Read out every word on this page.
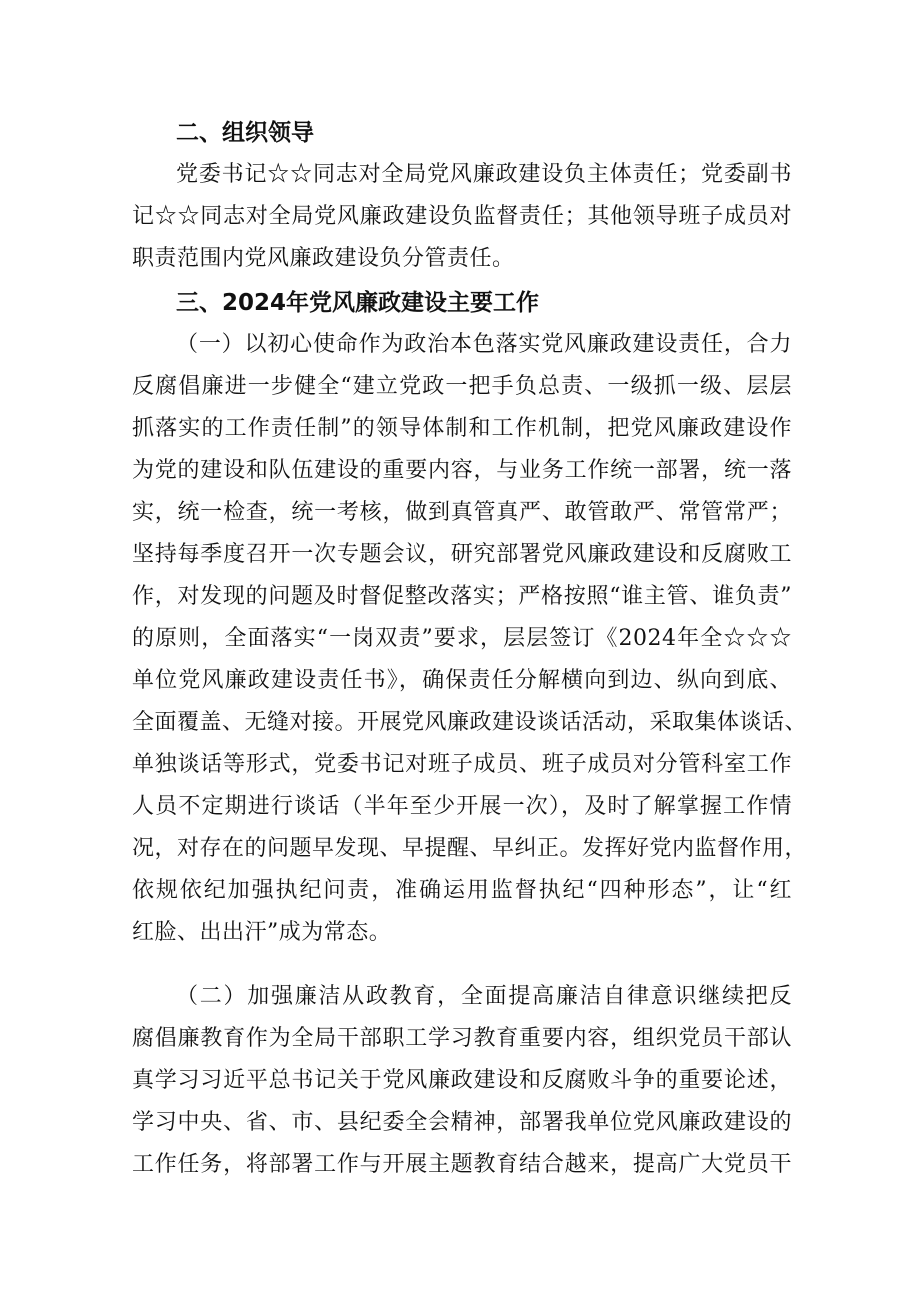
二、组织领导
党委书记☆☆同志对全局党风廉政建设负主体责任；党委副书
记☆☆同志对全局党风廉政建设负监督责任；其他领导班子成员对
职责范围内党风廉政建设负分管责任。
三、2024年党风廉政建设主要工作
（一）以初心使命作为政治本色落实党风廉政建设责任，合力
反腐倡廉进一步健全“建立党政一把手负总责、一级抓一级、层层
抓落实的工作责任制”的领导体制和工作机制，把党风廉政建设作
为党的建设和队伍建设的重要内容，与业务工作统一部署，统一落
实，统一检查，统一考核，做到真管真严、敢管敢严、常管常严；
坚持每季度召开一次专题会议，研究部署党风廉政建设和反腐败工
作，对发现的问题及时督促整改落实；严格按照“谁主管、谁负责”
的原则，全面落实“一岗双责”要求，层层签订《2024年全☆☆☆
单位党风廉政建设责任书》，确保责任分解横向到边、纵向到底、
全面覆盖、无缝对接。开展党风廉政建设谈话活动，采取集体谈话、
单独谈话等形式，党委书记对班子成员、班子成员对分管科室工作
人员不定期进行谈话（半年至少开展一次），及时了解掌握工作情
况，对存在的问题早发现、早提醒、早纠正。发挥好党内监督作用，
依规依纪加强执纪问责，准确运用监督执纪“四种形态”，让“红
红脸、出出汗”成为常态。
（二）加强廉洁从政教育，全面提高廉洁自律意识继续把反
腐倡廉教育作为全局干部职工学习教育重要内容，组织党员干部认
真学习习近平总书记关于党风廉政建设和反腐败斗争的重要论述，
学习中央、省、市、县纪委全会精神，部署我单位党风廉政建设的
工作任务，将部署工作与开展主题教育结合越来，提高广大党员干
